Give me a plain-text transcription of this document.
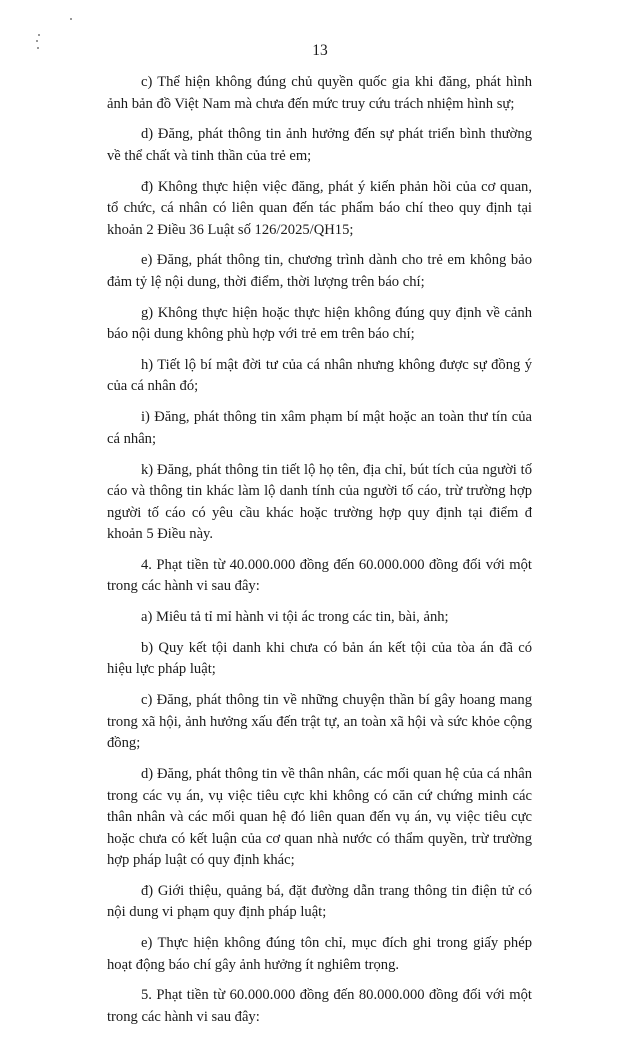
13

c) Thể hiện không đúng chủ quyền quốc gia khi đăng, phát hình ảnh bản đồ Việt Nam mà chưa đến mức truy cứu trách nhiệm hình sự;

d) Đăng, phát thông tin ảnh hưởng đến sự phát triển bình thường về thể chất và tinh thần của trẻ em;

đ) Không thực hiện việc đăng, phát ý kiến phản hồi của cơ quan, tổ chức, cá nhân có liên quan đến tác phẩm báo chí theo quy định tại khoản 2 Điều 36 Luật số 126/2025/QH15;

e) Đăng, phát thông tin, chương trình dành cho trẻ em không bảo đảm tỷ lệ nội dung, thời điểm, thời lượng trên báo chí;

g) Không thực hiện hoặc thực hiện không đúng quy định về cảnh báo nội dung không phù hợp với trẻ em trên báo chí;

h) Tiết lộ bí mật đời tư của cá nhân nhưng không được sự đồng ý của cá nhân đó;

i) Đăng, phát thông tin xâm phạm bí mật hoặc an toàn thư tín của cá nhân;

k) Đăng, phát thông tin tiết lộ họ tên, địa chỉ, bút tích của người tố cáo và thông tin khác làm lộ danh tính của người tố cáo, trừ trường hợp người tố cáo có yêu cầu khác hoặc trường hợp quy định tại điểm đ khoản 5 Điều này.

4. Phạt tiền từ 40.000.000 đồng đến 60.000.000 đồng đối với một trong các hành vi sau đây:

a) Miêu tả tỉ mỉ hành vi tội ác trong các tin, bài, ảnh;

b) Quy kết tội danh khi chưa có bản án kết tội của tòa án đã có hiệu lực pháp luật;

c) Đăng, phát thông tin về những chuyện thần bí gây hoang mang trong xã hội, ảnh hưởng xấu đến trật tự, an toàn xã hội và sức khỏe cộng đồng;

d) Đăng, phát thông tin về thân nhân, các mối quan hệ của cá nhân trong các vụ án, vụ việc tiêu cực khi không có căn cứ chứng minh các thân nhân và các mối quan hệ đó liên quan đến vụ án, vụ việc tiêu cực hoặc chưa có kết luận của cơ quan nhà nước có thẩm quyền, trừ trường hợp pháp luật có quy định khác;

đ) Giới thiệu, quảng bá, đặt đường dẫn trang thông tin điện tử có nội dung vi phạm quy định pháp luật;

e) Thực hiện không đúng tôn chỉ, mục đích ghi trong giấy phép hoạt động báo chí gây ảnh hưởng ít nghiêm trọng.

5. Phạt tiền từ 60.000.000 đồng đến 80.000.000 đồng đối với một trong các hành vi sau đây:
